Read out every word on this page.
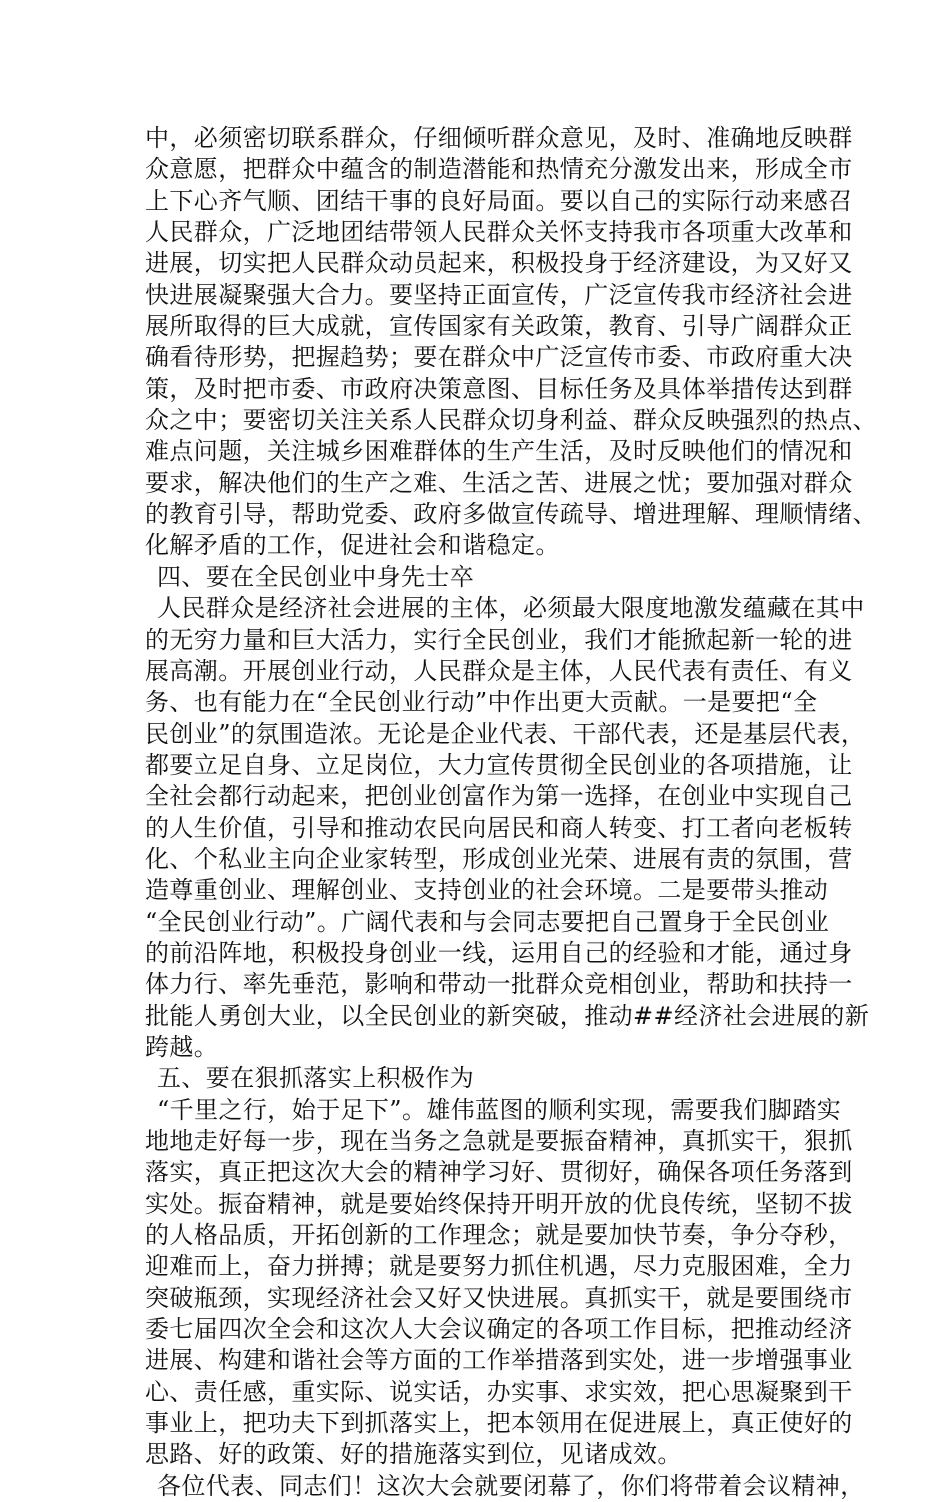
中，必须密切联系群众，仔细倾听群众意见，及时、准确地反映群
众意愿，把群众中蕴含的制造潜能和热情充分激发出来，形成全市
上下心齐气顺、团结干事的良好局面。要以自己的实际行动来感召
人民群众，广泛地团结带领人民群众关怀支持我市各项重大改革和
进展，切实把人民群众动员起来，积极投身于经济建设，为又好又
快进展凝聚强大合力。要坚持正面宣传，广泛宣传我市经济社会进
展所取得的巨大成就，宣传国家有关政策，教育、引导广阔群众正
确看待形势，把握趋势；要在群众中广泛宣传市委、市政府重大决
策，及时把市委、市政府决策意图、目标任务及具体举措传达到群
众之中；要密切关注关系人民群众切身利益、群众反映强烈的热点、
难点问题，关注城乡困难群体的生产生活，及时反映他们的情况和
要求，解决他们的生产之难、生活之苦、进展之忧；要加强对群众
的教育引导，帮助党委、政府多做宣传疏导、增进理解、理顺情绪、
化解矛盾的工作，促进社会和谐稳定。
四、要在全民创业中身先士卒
人民群众是经济社会进展的主体，必须最大限度地激发蕴藏在其中
的无穷力量和巨大活力，实行全民创业，我们才能掀起新一轮的进
展高潮。开展创业行动，人民群众是主体，人民代表有责任、有义
务、也有能力在“全民创业行动”中作出更大贡献。一是要把“全
民创业”的氛围造浓。无论是企业代表、干部代表，还是基层代表，
都要立足自身、立足岗位，大力宣传贯彻全民创业的各项措施，让
全社会都行动起来，把创业创富作为第一选择，在创业中实现自己
的人生价值，引导和推动农民向居民和商人转变、打工者向老板转
化、个私业主向企业家转型，形成创业光荣、进展有责的氛围，营
造尊重创业、理解创业、支持创业的社会环境。二是要带头推动
“全民创业行动”。广阔代表和与会同志要把自己置身于全民创业
的前沿阵地，积极投身创业一线，运用自己的经验和才能，通过身
体力行、率先垂范，影响和带动一批群众竞相创业，帮助和扶持一
批能人勇创大业，以全民创业的新突破，推动##经济社会进展的新
跨越。
五、要在狠抓落实上积极作为
“千里之行，始于足下”。雄伟蓝图的顺利实现，需要我们脚踏实
地地走好每一步，现在当务之急就是要振奋精神，真抓实干，狠抓
落实，真正把这次大会的精神学习好、贯彻好，确保各项任务落到
实处。振奋精神，就是要始终保持开明开放的优良传统，坚韧不拔
的人格品质，开拓创新的工作理念；就是要加快节奏，争分夺秒，
迎难而上，奋力拼搏；就是要努力抓住机遇，尽力克服困难，全力
突破瓶颈，实现经济社会又好又快进展。真抓实干，就是要围绕市
委七届四次全会和这次人大会议确定的各项工作目标，把推动经济
进展、构建和谐社会等方面的工作举措落到实处，进一步增强事业
心、责任感，重实际、说实话，办实事、求实效，把心思凝聚到干
事业上，把功夫下到抓落实上，把本领用在促进展上，真正使好的
思路、好的政策、好的措施落实到位，见诸成效。
各位代表、同志们！这次大会就要闭幕了，你们将带着会议精神，
